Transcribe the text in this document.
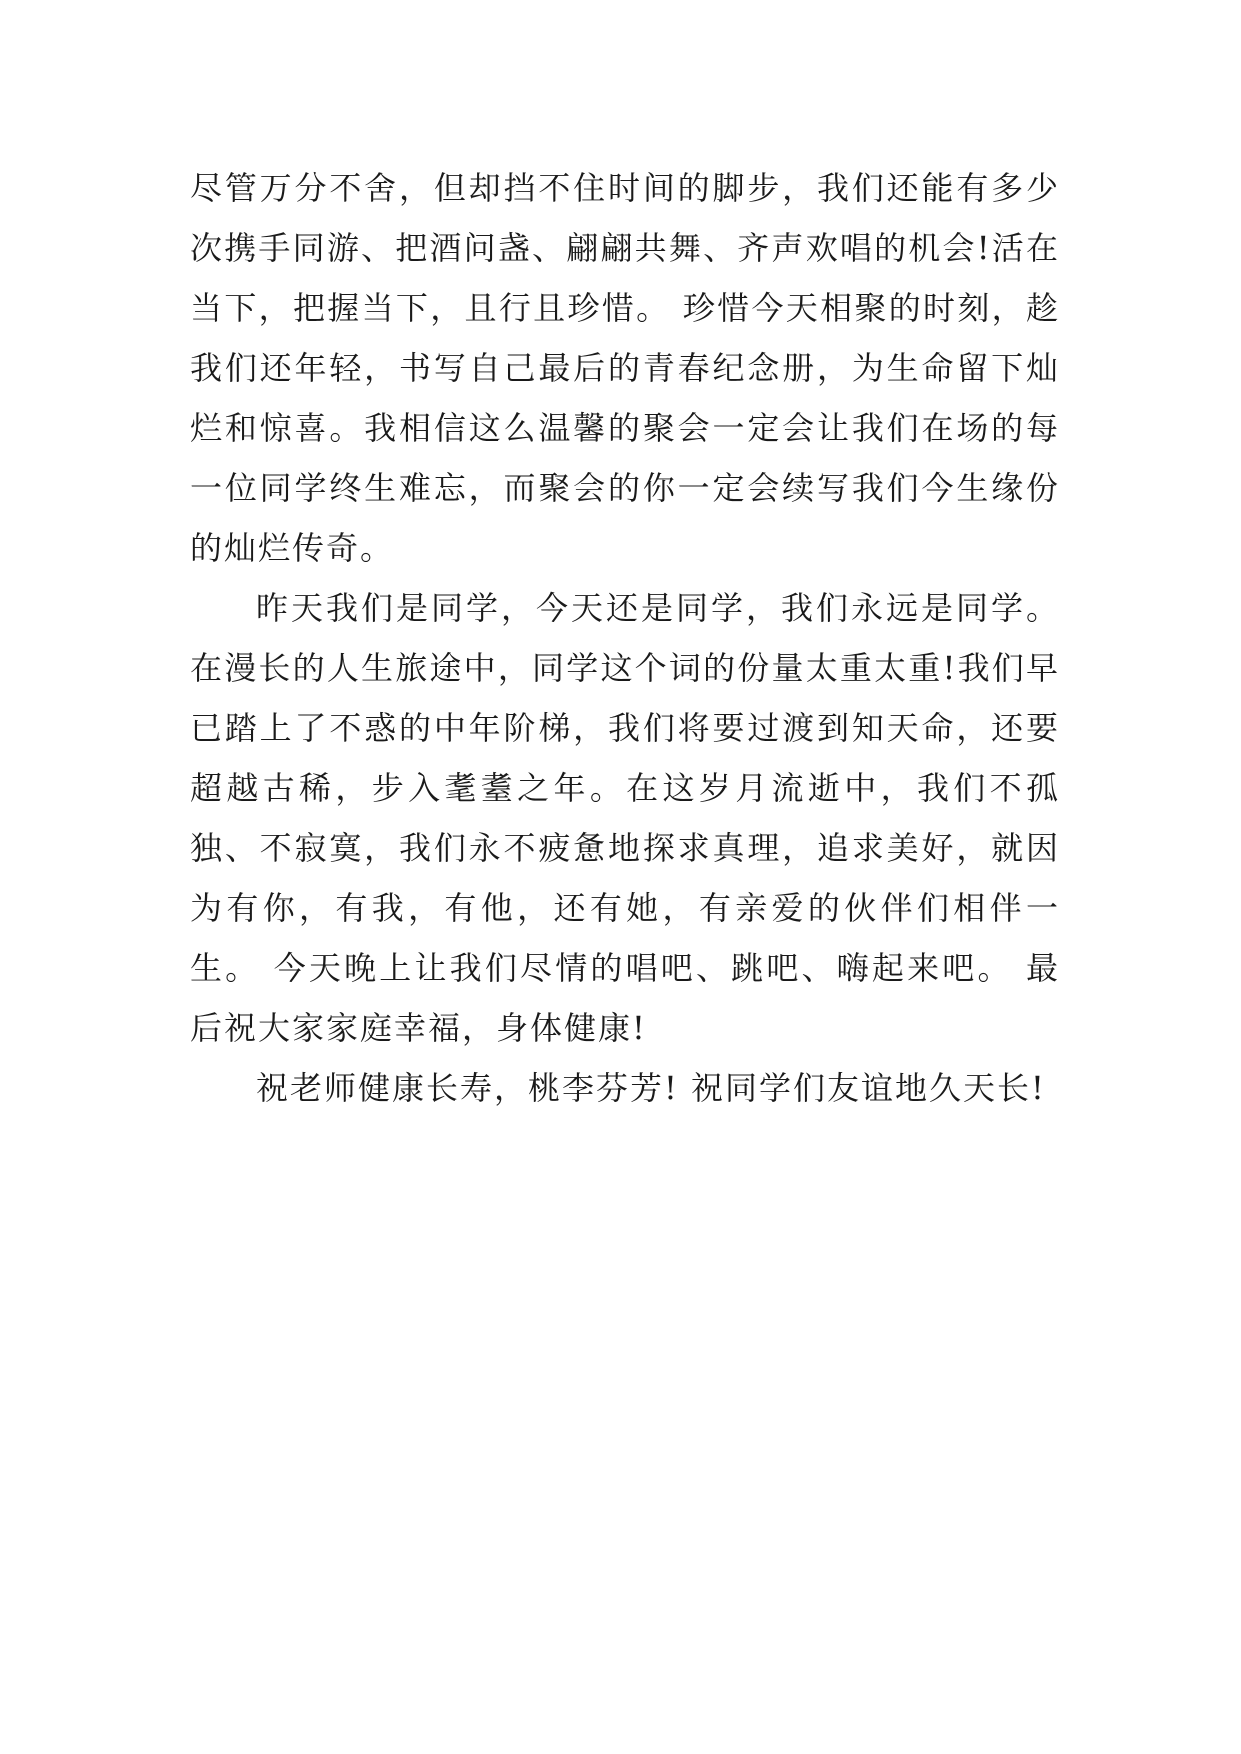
尽管万分不舍，但却挡不住时间的脚步，我们还能有多少次携手同游、把酒问盏、翩翩共舞、齐声欢唱的机会!活在当下，把握当下，且行且珍惜。 珍惜今天相聚的时刻，趁我们还年轻，书写自己最后的青春纪念册，为生命留下灿烂和惊喜。我相信这么温馨的聚会一定会让我们在场的每一位同学终生难忘，而聚会的你一定会续写我们今生缘份的灿烂传奇。

昨天我们是同学，今天还是同学，我们永远是同学。在漫长的人生旅途中，同学这个词的份量太重太重!我们早已踏上了不惑的中年阶梯，我们将要过渡到知天命，还要超越古稀，步入耄耋之年。在这岁月流逝中，我们不孤独、不寂寞，我们永不疲惫地探求真理，追求美好，就因为有你，有我，有他，还有她，有亲爱的伙伴们相伴一生。 今天晚上让我们尽情的唱吧、跳吧、嗨起来吧。 最后祝大家家庭幸福，身体健康!

祝老师健康长寿，桃李芬芳! 祝同学们友谊地久天长!
